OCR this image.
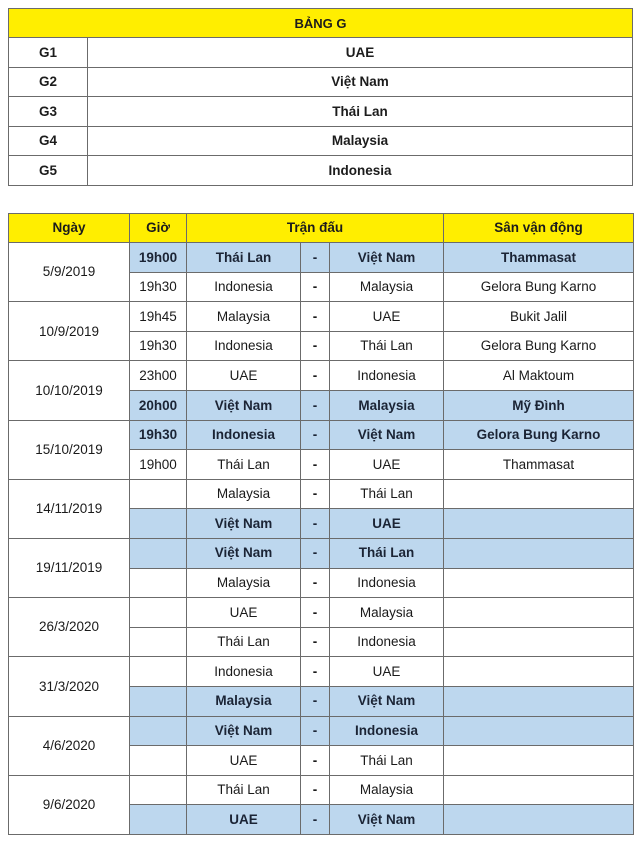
BẢNG G	
G1	UAE
G2	Việt Nam
G3	Thái Lan
G4	Malaysia
G5	Indonesia
Ngày	Giờ	Trận đấu			Sân vận động
5/9/2019	19h00	Thái Lan	-	Việt Nam	Thammasat
	19h30	Indonesia	-	Malaysia	Gelora Bung Karno
10/9/2019	19h45	Malaysia	-	UAE	Bukit Jalil
	19h30	Indonesia	-	Thái Lan	Gelora Bung Karno
10/10/2019	23h00	UAE	-	Indonesia	Al Maktoum
	20h00	Việt Nam	-	Malaysia	Mỹ Đình
15/10/2019	19h30	Indonesia	-	Việt Nam	Gelora Bung Karno
	19h00	Thái Lan	-	UAE	Thammasat
14/11/2019		Malaysia	-	Thái Lan	
		Việt Nam	-	UAE	
19/11/2019		Việt Nam	-	Thái Lan	
		Malaysia	-	Indonesia	
26/3/2020		UAE	-	Malaysia	
		Thái Lan	-	Indonesia	
31/3/2020		Indonesia	-	UAE	
		Malaysia	-	Việt Nam	
4/6/2020		Việt Nam	-	Indonesia	
		UAE	-	Thái Lan	
9/6/2020		Thái Lan	-	Malaysia	
		UAE	-	Việt Nam	
